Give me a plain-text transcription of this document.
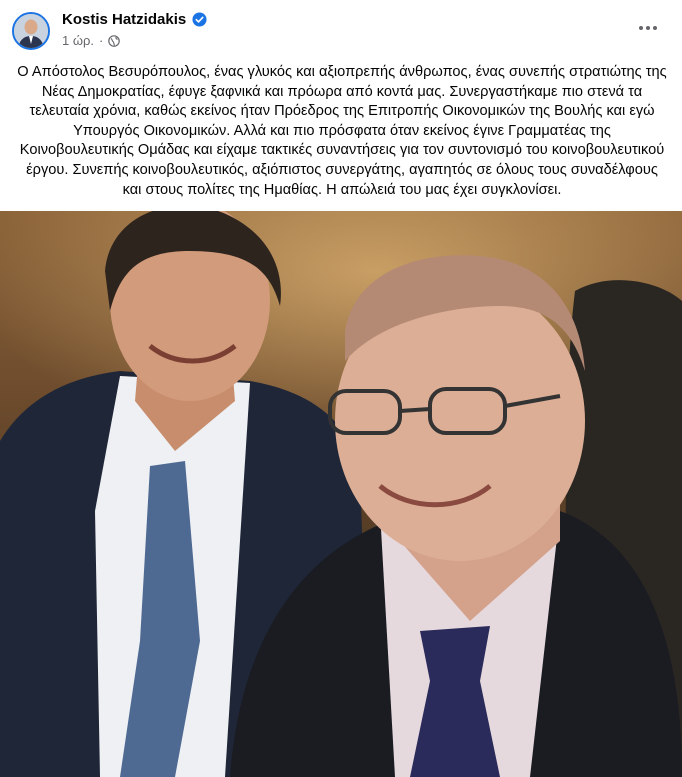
Kostis Hatzidakis
1 ώρ. ·
Ο Απόστολος Βεσυρόπουλος, ένας γλυκός και αξιοπρεπής άνθρωπος, ένας συνεπής στρατιώτης της Νέας Δημοκρατίας, έφυγε ξαφνικά και πρόωρα από κοντά μας. Συνεργαστήκαμε πιο στενά τα τελευταία χρόνια, καθώς εκείνος ήταν Πρόεδρος της Επιτροπής Οικονομικών της Βουλής και εγώ Υπουργός Οικονομικών. Αλλά και πιο πρόσφατα όταν εκείνος έγινε Γραμματέας της Κοινοβουλευτικής Ομάδας και είχαμε τακτικές συναντήσεις για τον συντονισμό του κοινοβουλευτικού έργου. Συνεπής κοινοβουλευτικός, αξιόπιστος συνεργάτης, αγαπητός σε όλους τους συναδέλφους και στους πολίτες της Ημαθίας. Η απώλειά του μας έχει συγκλονίσει.
